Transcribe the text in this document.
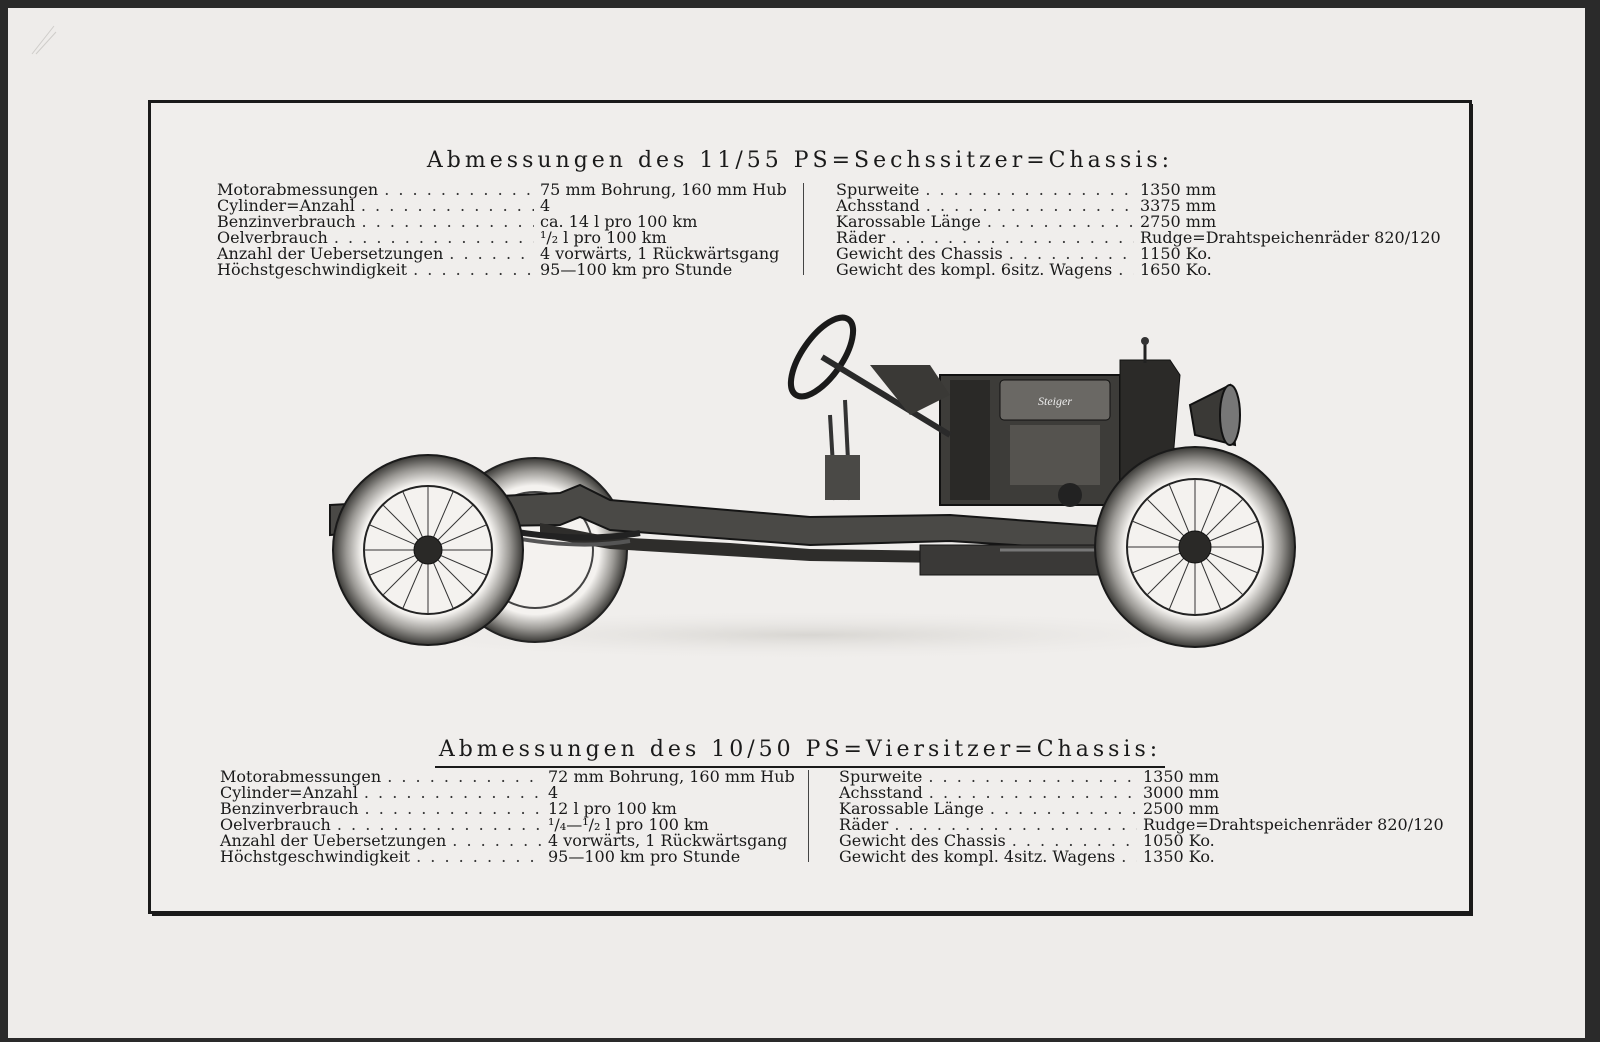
Abmessungen des 11/55 PS=Sechssitzer=Chassis:
Motorabmessungen . . .	75 mm Bohrung, 160 mm Hub
Cylinder=Anzahl . . .	4
Benzinverbrauch . . .	ca. 14 l pro 100 km
Oelverbrauch . . .	¹/₂ l pro 100 km
Anzahl der Uebersetzungen . . .	4 vorwärts, 1 Rückwärtsgang
Höchstgeschwindigkeit . . .	95—100 km pro Stunde
Spurweite . . .	1350 mm
Achsstand . . .	3375 mm
Karossable Länge . . .	2750 mm
Räder . . .	Rudge=Drahtspeichenräder 820/120
Gewicht des Chassis . . .	1150 Ko.
Gewicht des kompl. 6sitz. Wagens . . . 1650 Ko.
Steiger
Abmessungen des 10/50 PS=Viersitzer=Chassis:
Motorabmessungen . . .	72 mm Bohrung, 160 mm Hub
Cylinder=Anzahl . . .	4
Benzinverbrauch . . .	12 l pro 100 km
Oelverbrauch . . .	¹/₄—¹/₂ l pro 100 km
Anzahl der Uebersetzungen . . .	4 vorwärts, 1 Rückwärtsgang
Höchstgeschwindigkeit . . .	95—100 km pro Stunde
Spurweite . . .	1350 mm
Achsstand . . .	3000 mm
Karossable Länge . . .	2500 mm
Räder . . .	Rudge=Drahtspeichenräder 820/120
Gewicht des Chassis . . .	1050 Ko.
Gewicht des kompl. 4sitz. Wagens . . . 1350 Ko.
